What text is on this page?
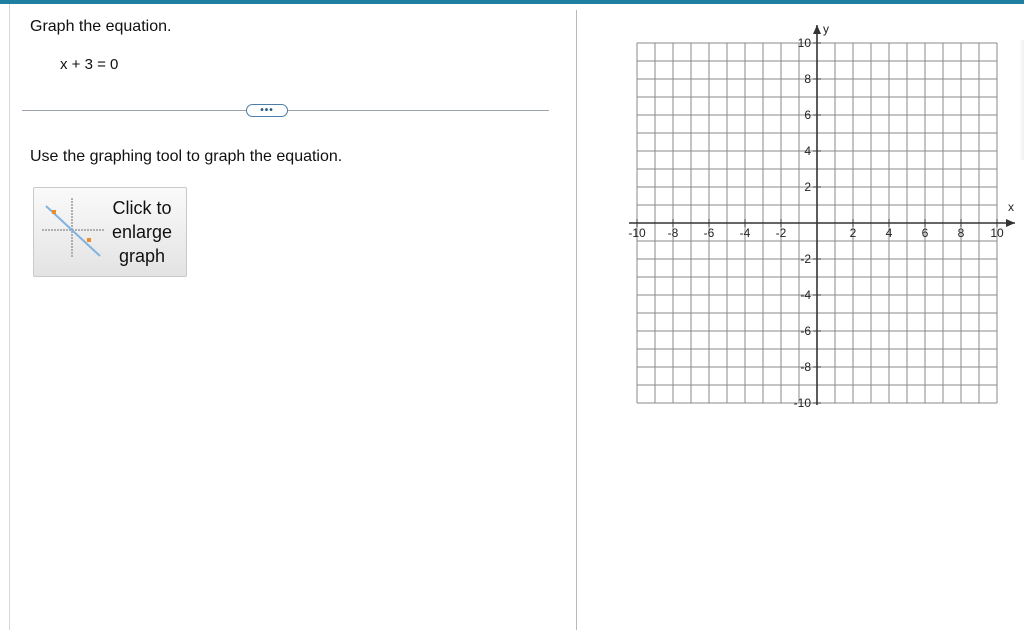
Graph the equation.
x + 3 = 0
•••
Use the graphing tool to graph the equation.
Click to
enlarge
graph
x
y
-10 -8 -6 -4 -2	2 4 6 8 10
10
8
6
4
2
-2
-4
-6
-8
-10
